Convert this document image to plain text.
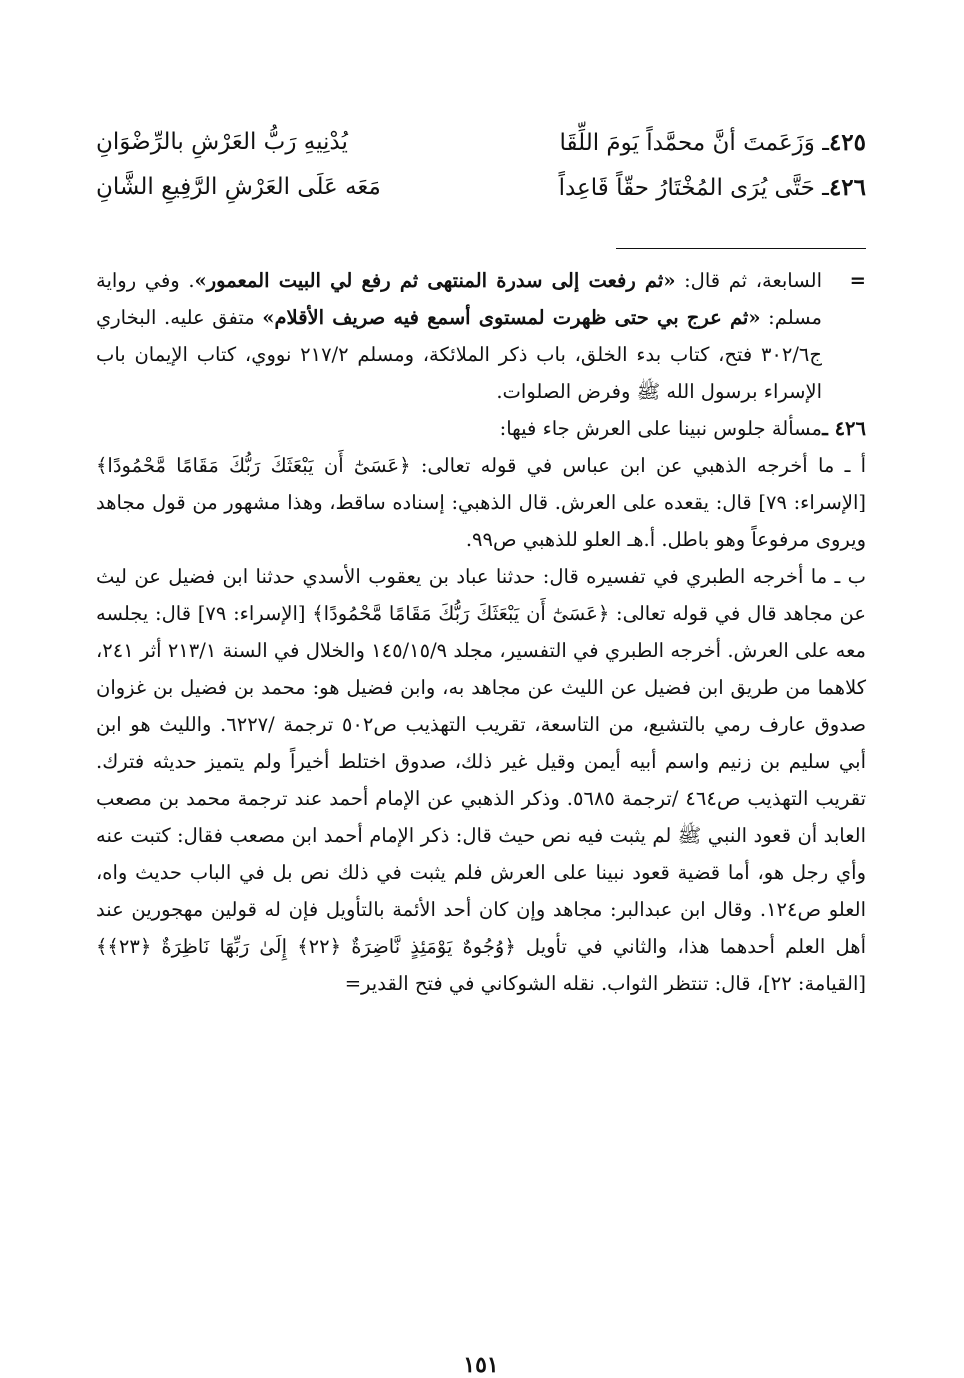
٤٢٥ـ وَزَعَمتَ أنَّ محمَّداً يَومَ اللِّقَا
يُدْنِيهِ رَبُّ العَرْشِ بالرِّضْوَانِ
٤٢٦ـ حَتَّى يُرَى المُخْتَارُ حقّاً قَاعِداً
مَعَه عَلَى العَرْشِ الرَّفِيعِ الشَّانِ
=
السابعة، ثم قال: «ثم رفعت إلى سدرة المنتهى ثم رفع لي البيت المعمور». وفي رواية مسلم: «ثم عرج بي حتى ظهرت لمستوى أسمع فيه صريف الأقلام» متفق عليه. البخاري ج٣٠٢/٦ فتح، كتاب بدء الخلق، باب ذكر الملائكة، ومسلم ٢١٧/٢ نووي، كتاب الإيمان باب الإسراء برسول الله ﷺ وفرض الصلوات.
٤٢٦ ـ
مسألة جلوس نبينا على العرش جاء فيها:
أ ـ ما أخرجه الذهبي عن ابن عباس في قوله تعالى: ﴿عَسَىٰٓ أَن يَبْعَثَكَ رَبُّكَ مَقَامًا مَّحْمُودًا﴾ [الإسراء: ٧٩] قال: يقعده على العرش. قال الذهبي: إسناده ساقط، وهذا مشهور من قول مجاهد ويروى مرفوعاً وهو باطل. أ.هـ العلو للذهبي ص٩٩.
ب ـ ما أخرجه الطبري في تفسيره قال: حدثنا عباد بن يعقوب الأسدي حدثنا ابن فضيل عن ليث عن مجاهد قال في قوله تعالى: ﴿عَسَىٰٓ أَن يَبْعَثَكَ رَبُّكَ مَقَامًا مَّحْمُودًا﴾ [الإسراء: ٧٩] قال: يجلسه معه على العرش. أخرجه الطبري في التفسير، مجلد ١٤٥/١٥/٩ والخلال في السنة ٢١٣/١ أثر ٢٤١، كلاهما من طريق ابن فضيل عن الليث عن مجاهد به، وابن فضيل هو: محمد بن فضيل بن غزوان صدوق عارف رمي بالتشيع، من التاسعة، تقريب التهذيب ص٥٠٢ ترجمة /٦٢٢٧. والليث هو ابن أبي سليم بن زنيم واسم أبيه أيمن وقيل غير ذلك، صدوق اختلط أخيراً ولم يتميز حديثه فترك. تقريب التهذيب ص٤٦٤ /ترجمة ٥٦٨٥. وذكر الذهبي عن الإمام أحمد عند ترجمة محمد بن مصعب العابد أن قعود النبي ﷺ لم يثبت فيه نص حيث قال: ذكر الإمام أحمد ابن مصعب فقال: كتبت عنه وأي رجل هو، أما قضية قعود نبينا على العرش فلم يثبت في ذلك نص بل في الباب حديث واه، العلو ص١٢٤. وقال ابن عبدالبر: مجاهد وإن كان أحد الأئمة بالتأويل فإن له قولين مهجورين عند أهل العلم أحدهما هذا، والثاني في تأويل ﴿وُجُوهٌ يَوْمَئِذٍ نَّاضِرَةٌ ﴿٢٢﴾ إِلَىٰ رَبِّهَا نَاظِرَةٌ ﴿٢٣﴾﴾ [القيامة: ٢٢]، قال: تنتظر الثواب. نقله الشوكاني في فتح القدير=
١٥١
